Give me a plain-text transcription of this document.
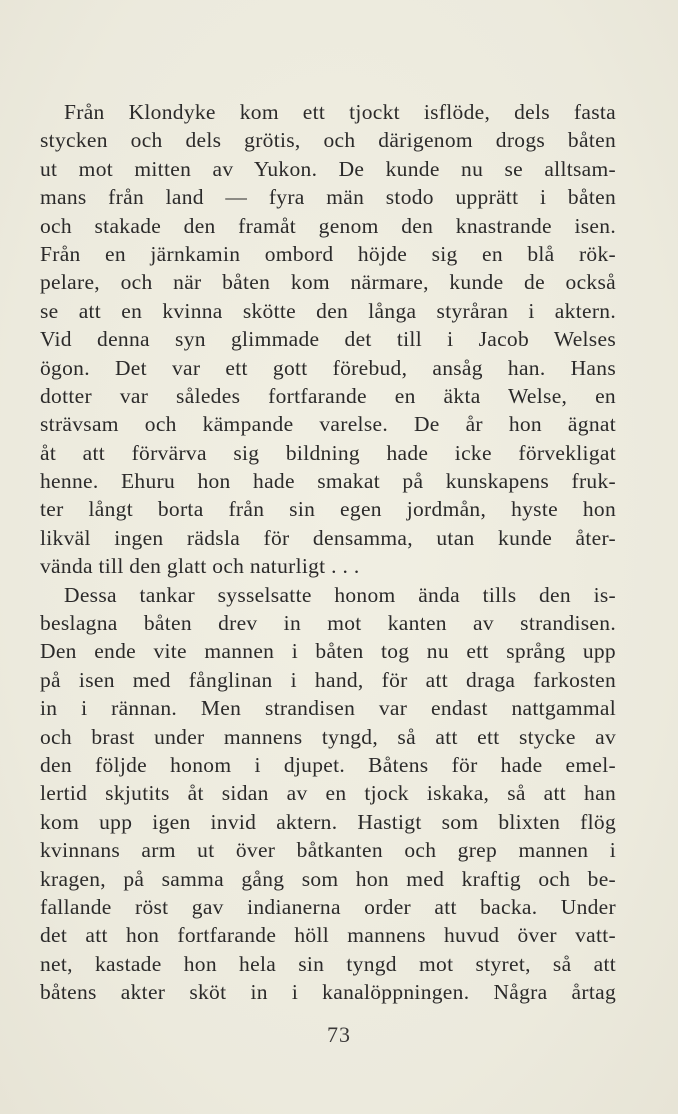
Från Klondyke kom ett tjockt isflöde, dels fasta
stycken och dels grötis, och därigenom drogs båten
ut mot mitten av Yukon. De kunde nu se alltsam-
mans från land — fyra män stodo upprätt i båten
och stakade den framåt genom den knastrande isen.
Från en järnkamin ombord höjde sig en blå rök-
pelare, och när båten kom närmare, kunde de också
se att en kvinna skötte den långa styråran i aktern.
Vid denna syn glimmade det till i Jacob Welses
ögon. Det var ett gott förebud, ansåg han. Hans
dotter var således fortfarande en äkta Welse, en
strävsam och kämpande varelse. De år hon ägnat
åt att förvärva sig bildning hade icke förvekligat
henne. Ehuru hon hade smakat på kunskapens fruk-
ter långt borta från sin egen jordmån, hyste hon
likväl ingen rädsla för densamma, utan kunde åter-
vända till den glatt och naturligt . . .
Dessa tankar sysselsatte honom ända tills den is-
beslagna båten drev in mot kanten av strandisen.
Den ende vite mannen i båten tog nu ett språng upp
på isen med fånglinan i hand, för att draga farkosten
in i rännan. Men strandisen var endast nattgammal
och brast under mannens tyngd, så att ett stycke av
den följde honom i djupet. Båtens för hade emel-
lertid skjutits åt sidan av en tjock iskaka, så att han
kom upp igen invid aktern. Hastigt som blixten flög
kvinnans arm ut över båtkanten och grep mannen i
kragen, på samma gång som hon med kraftig och be-
fallande röst gav indianerna order att backa. Under
det att hon fortfarande höll mannens huvud över vatt-
net, kastade hon hela sin tyngd mot styret, så att
båtens akter sköt in i kanalöppningen. Några årtag
73
